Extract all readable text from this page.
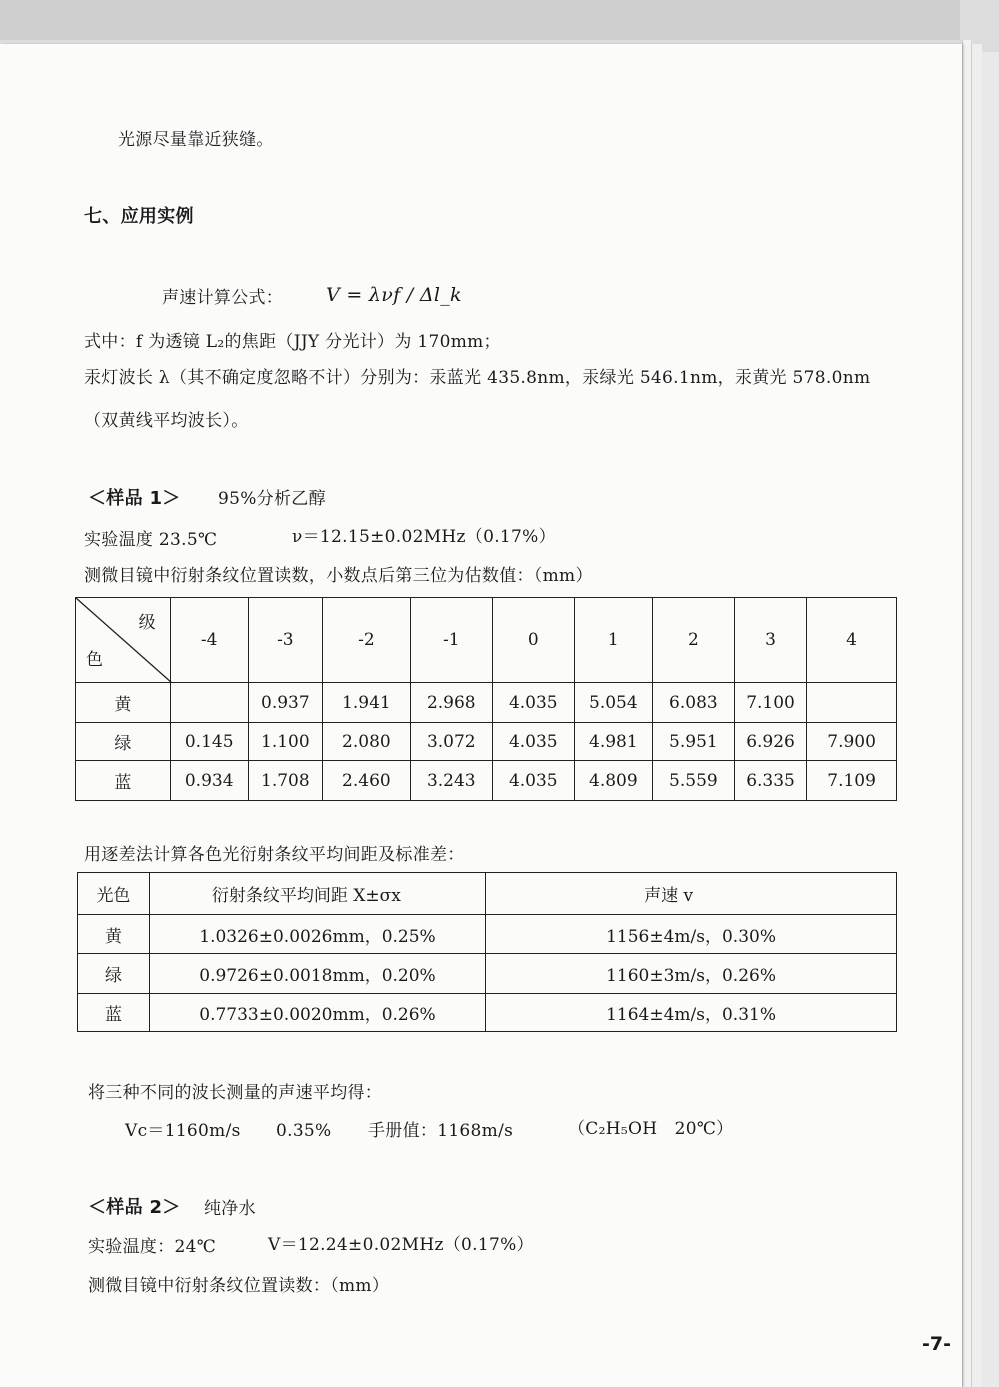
光源尽量靠近狭缝。
七、应用实例
声速计算公式： V = λνf / Δl_k
式中：f 为透镜 L₂的焦距（JJY 分光计）为 170mm；
汞灯波长 λ（其不确定度忽略不计）分别为：汞蓝光 435.8nm，汞绿光 546.1nm，汞黄光 578.0nm
（双黄线平均波长）。
＜样品 1＞ 95%分析乙醇
实验温度 23.5℃	ν＝12.15±0.02MHz（0.17%）
测微目镜中衍射条纹位置读数，小数点后第三位为估数值：（mm）
级
色	-4	-3	-2	-1	0	1	2	3	4
黄		0.937	1.941	2.968	4.035	5.054	6.083	7.100	
绿	0.145	1.100	2.080	3.072	4.035	4.981	5.951	6.926	7.900
蓝	0.934	1.708	2.460	3.243	4.035	4.809	5.559	6.335	7.109
用逐差法计算各色光衍射条纹平均间距及标准差：
光色	衍射条纹平均间距 X±σx	声速 v
黄	1.0326±0.0026mm，0.25%	1156±4m/s，0.30%
绿	0.9726±0.0018mm，0.20%	1160±3m/s，0.26%
蓝	0.7733±0.0020mm，0.26%	1164±4m/s，0.31%
将三种不同的波长测量的声速平均得：
Vc＝1160m/s 0.35% 手册值：1168m/s	（C₂H₅OH　20℃）
＜样品 2＞ 纯净水
实验温度：24℃	V＝12.24±0.02MHz（0.17%）
测微目镜中衍射条纹位置读数：（mm）
-7-
